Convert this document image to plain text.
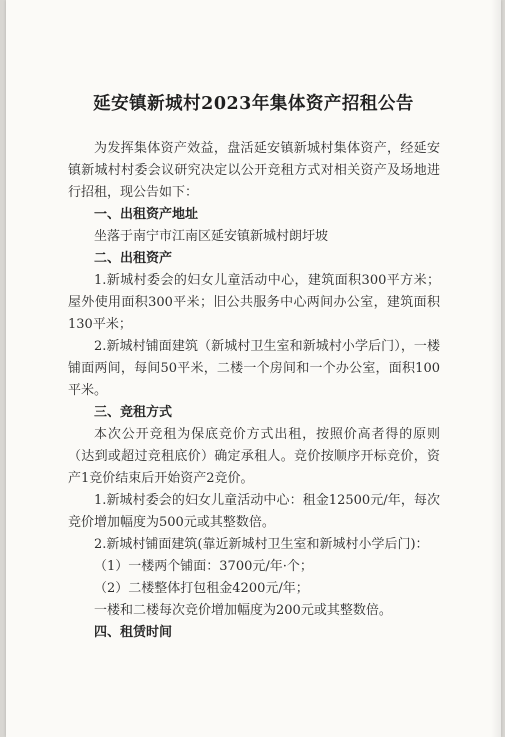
延安镇新城村2023年集体资产招租公告

为发挥集体资产效益，盘活延安镇新城村集体资产，经延安镇新城村村委会议研究决定以公开竞租方式对相关资产及场地进行招租，现公告如下：

一、出租资产地址

坐落于南宁市江南区延安镇新城村朗圩坡

二、出租资产

1.新城村委会的妇女儿童活动中心，建筑面积300平方米；屋外使用面积300平米；旧公共服务中心两间办公室，建筑面积130平米；

2.新城村铺面建筑（新城村卫生室和新城村小学后门），一楼铺面两间，每间50平米，二楼一个房间和一个办公室，面积100平米。

三、竞租方式

本次公开竞租为保底竞价方式出租，按照价高者得的原则（达到或超过竞租底价）确定承租人。竞价按顺序开标竞价，资产1竞价结束后开始资产2竞价。

1.新城村委会的妇女儿童活动中心：租金12500元/年，每次竞价增加幅度为500元或其整数倍。

2.新城村铺面建筑(靠近新城村卫生室和新城村小学后门)：

（1）一楼两个铺面：3700元/年·个；

（2）二楼整体打包租金4200元/年；

一楼和二楼每次竞价增加幅度为200元或其整数倍。

四、租赁时间
